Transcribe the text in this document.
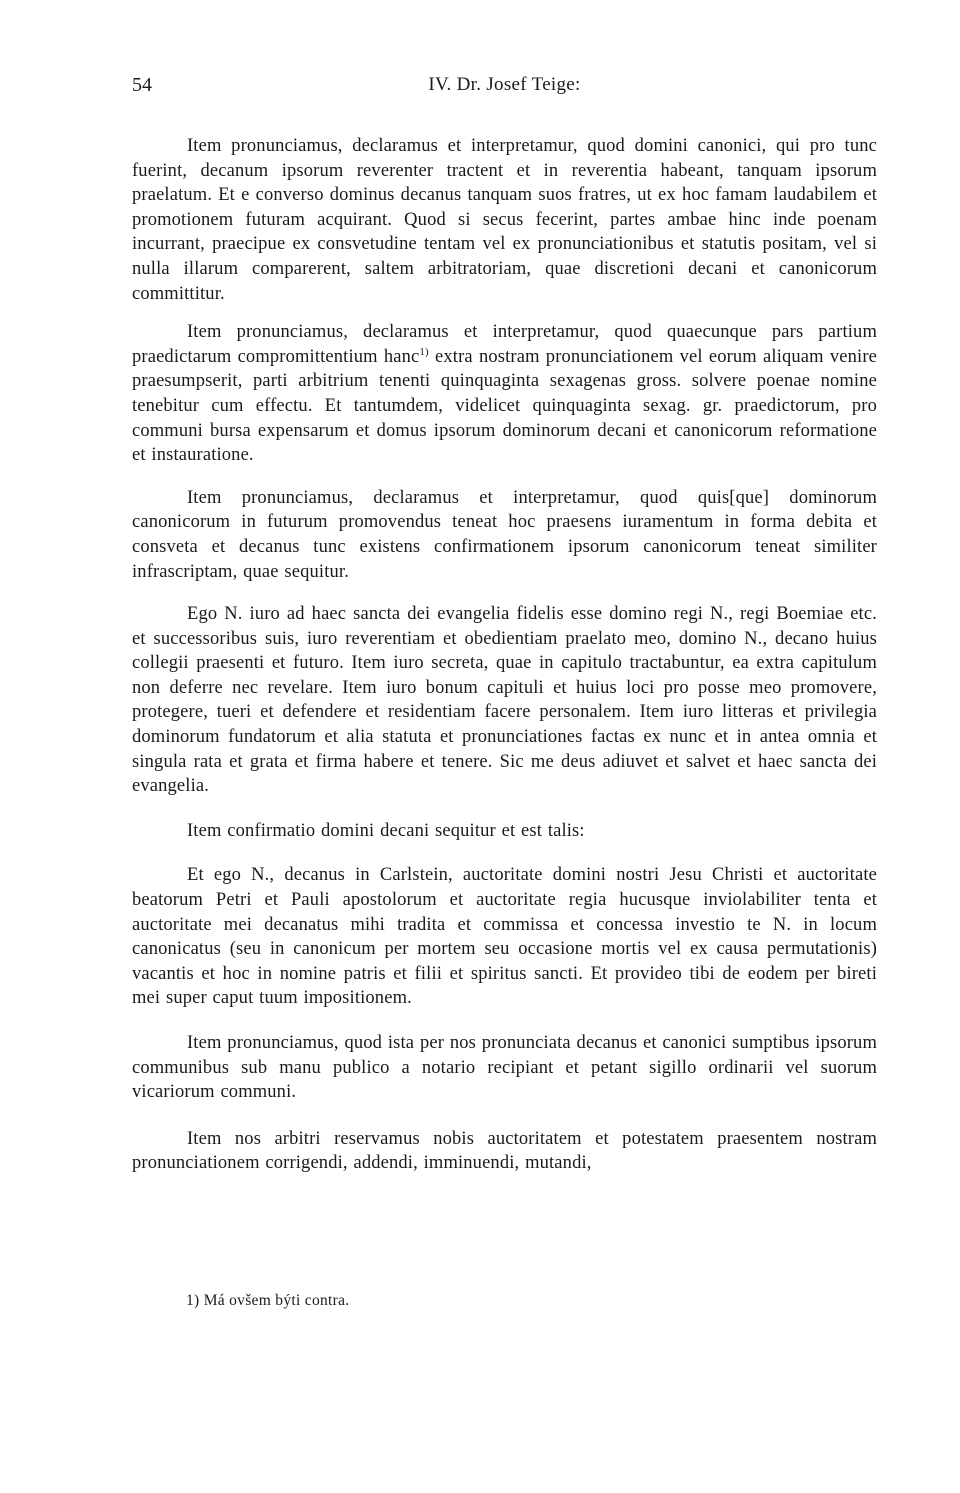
54	IV. Dr. Josef Teige:

Item pronunciamus, declaramus et interpretamur, quod domini canonici, qui pro tunc fuerint, decanum ipsorum reverenter tractent et in reverentia habeant, tanquam ipsorum praelatum. Et e converso dominus decanus tanquam suos fratres, ut ex hoc famam laudabilem et promotionem futuram acquirant. Quod si secus fecerint, partes ambae hinc inde poenam incurrant, praecipue ex consvetudine tentam vel ex pronunciationibus et statutis positam, vel si nulla illarum comparerent, saltem arbitratoriam, quae discretioni decani et canonicorum committitur.

Item pronunciamus, declaramus et interpretamur, quod quaecunque pars partium praedictarum compromittentium hanc$^{1)}$ extra nostram pronunciationem vel eorum aliquam venire praesumpserit, parti arbitrium tenenti quinquaginta sexagenas gross. solvere poenae nomine tenebitur cum effectu. Et tantumdem, videlicet quinquaginta sexag. gr. praedictorum, pro communi bursa expensarum et domus ipsorum dominorum decani et canonicorum reformatione et instauratione.

Item pronunciamus, declaramus et interpretamur, quod quis[que] dominorum canonicorum in futurum promovendus teneat hoc praesens iuramentum in forma debita et consveta et decanus tunc existens confirmationem ipsorum canonicorum teneat similiter infrascriptam, quae sequitur.

Ego N. iuro ad haec sancta dei evangelia fidelis esse domino regi N., regi Boemiae etc. et successoribus suis, iuro reverentiam et obedientiam praelato meo, domino N., decano huius collegii praesenti et futuro. Item iuro secreta, quae in capitulo tractabuntur, ea extra capitulum non deferre nec revelare. Item iuro bonum capituli et huius loci pro posse meo promovere, protegere, tueri et defendere et residentiam facere personalem. Item iuro litteras et privilegia dominorum fundatorum et alia statuta et pronunciationes factas ex nunc et in antea omnia et singula rata et grata et firma habere et tenere. Sic me deus adiuvet et salvet et haec sancta dei evangelia.

Item confirmatio domini decani sequitur et est talis:

Et ego N., decanus in Carlstein, auctoritate domini nostri Jesu Christi et auctoritate beatorum Petri et Pauli apostolorum et auctoritate regia hucusque inviolabiliter tenta et auctoritate mei decanatus mihi tradita et commissa et concessa investio te N. in locum canonicatus (seu in canonicum per mortem seu occasione mortis vel ex causa permutationis) vacantis et hoc in nomine patris et filii et spiritus sancti. Et provideo tibi de eodem per bireti mei super caput tuum impositionem.

Item pronunciamus, quod ista per nos pronunciata decanus et canonici sumptibus ipsorum communibus sub manu publico a notario recipiant et petant sigillo ordinarii vel suorum vicariorum communi.

Item nos arbitri reservamus nobis auctoritatem et potestatem praesentem nostram pronunciationem corrigendi, addendi, imminuendi, mutandi,

1) Má ovšem býti contra.
